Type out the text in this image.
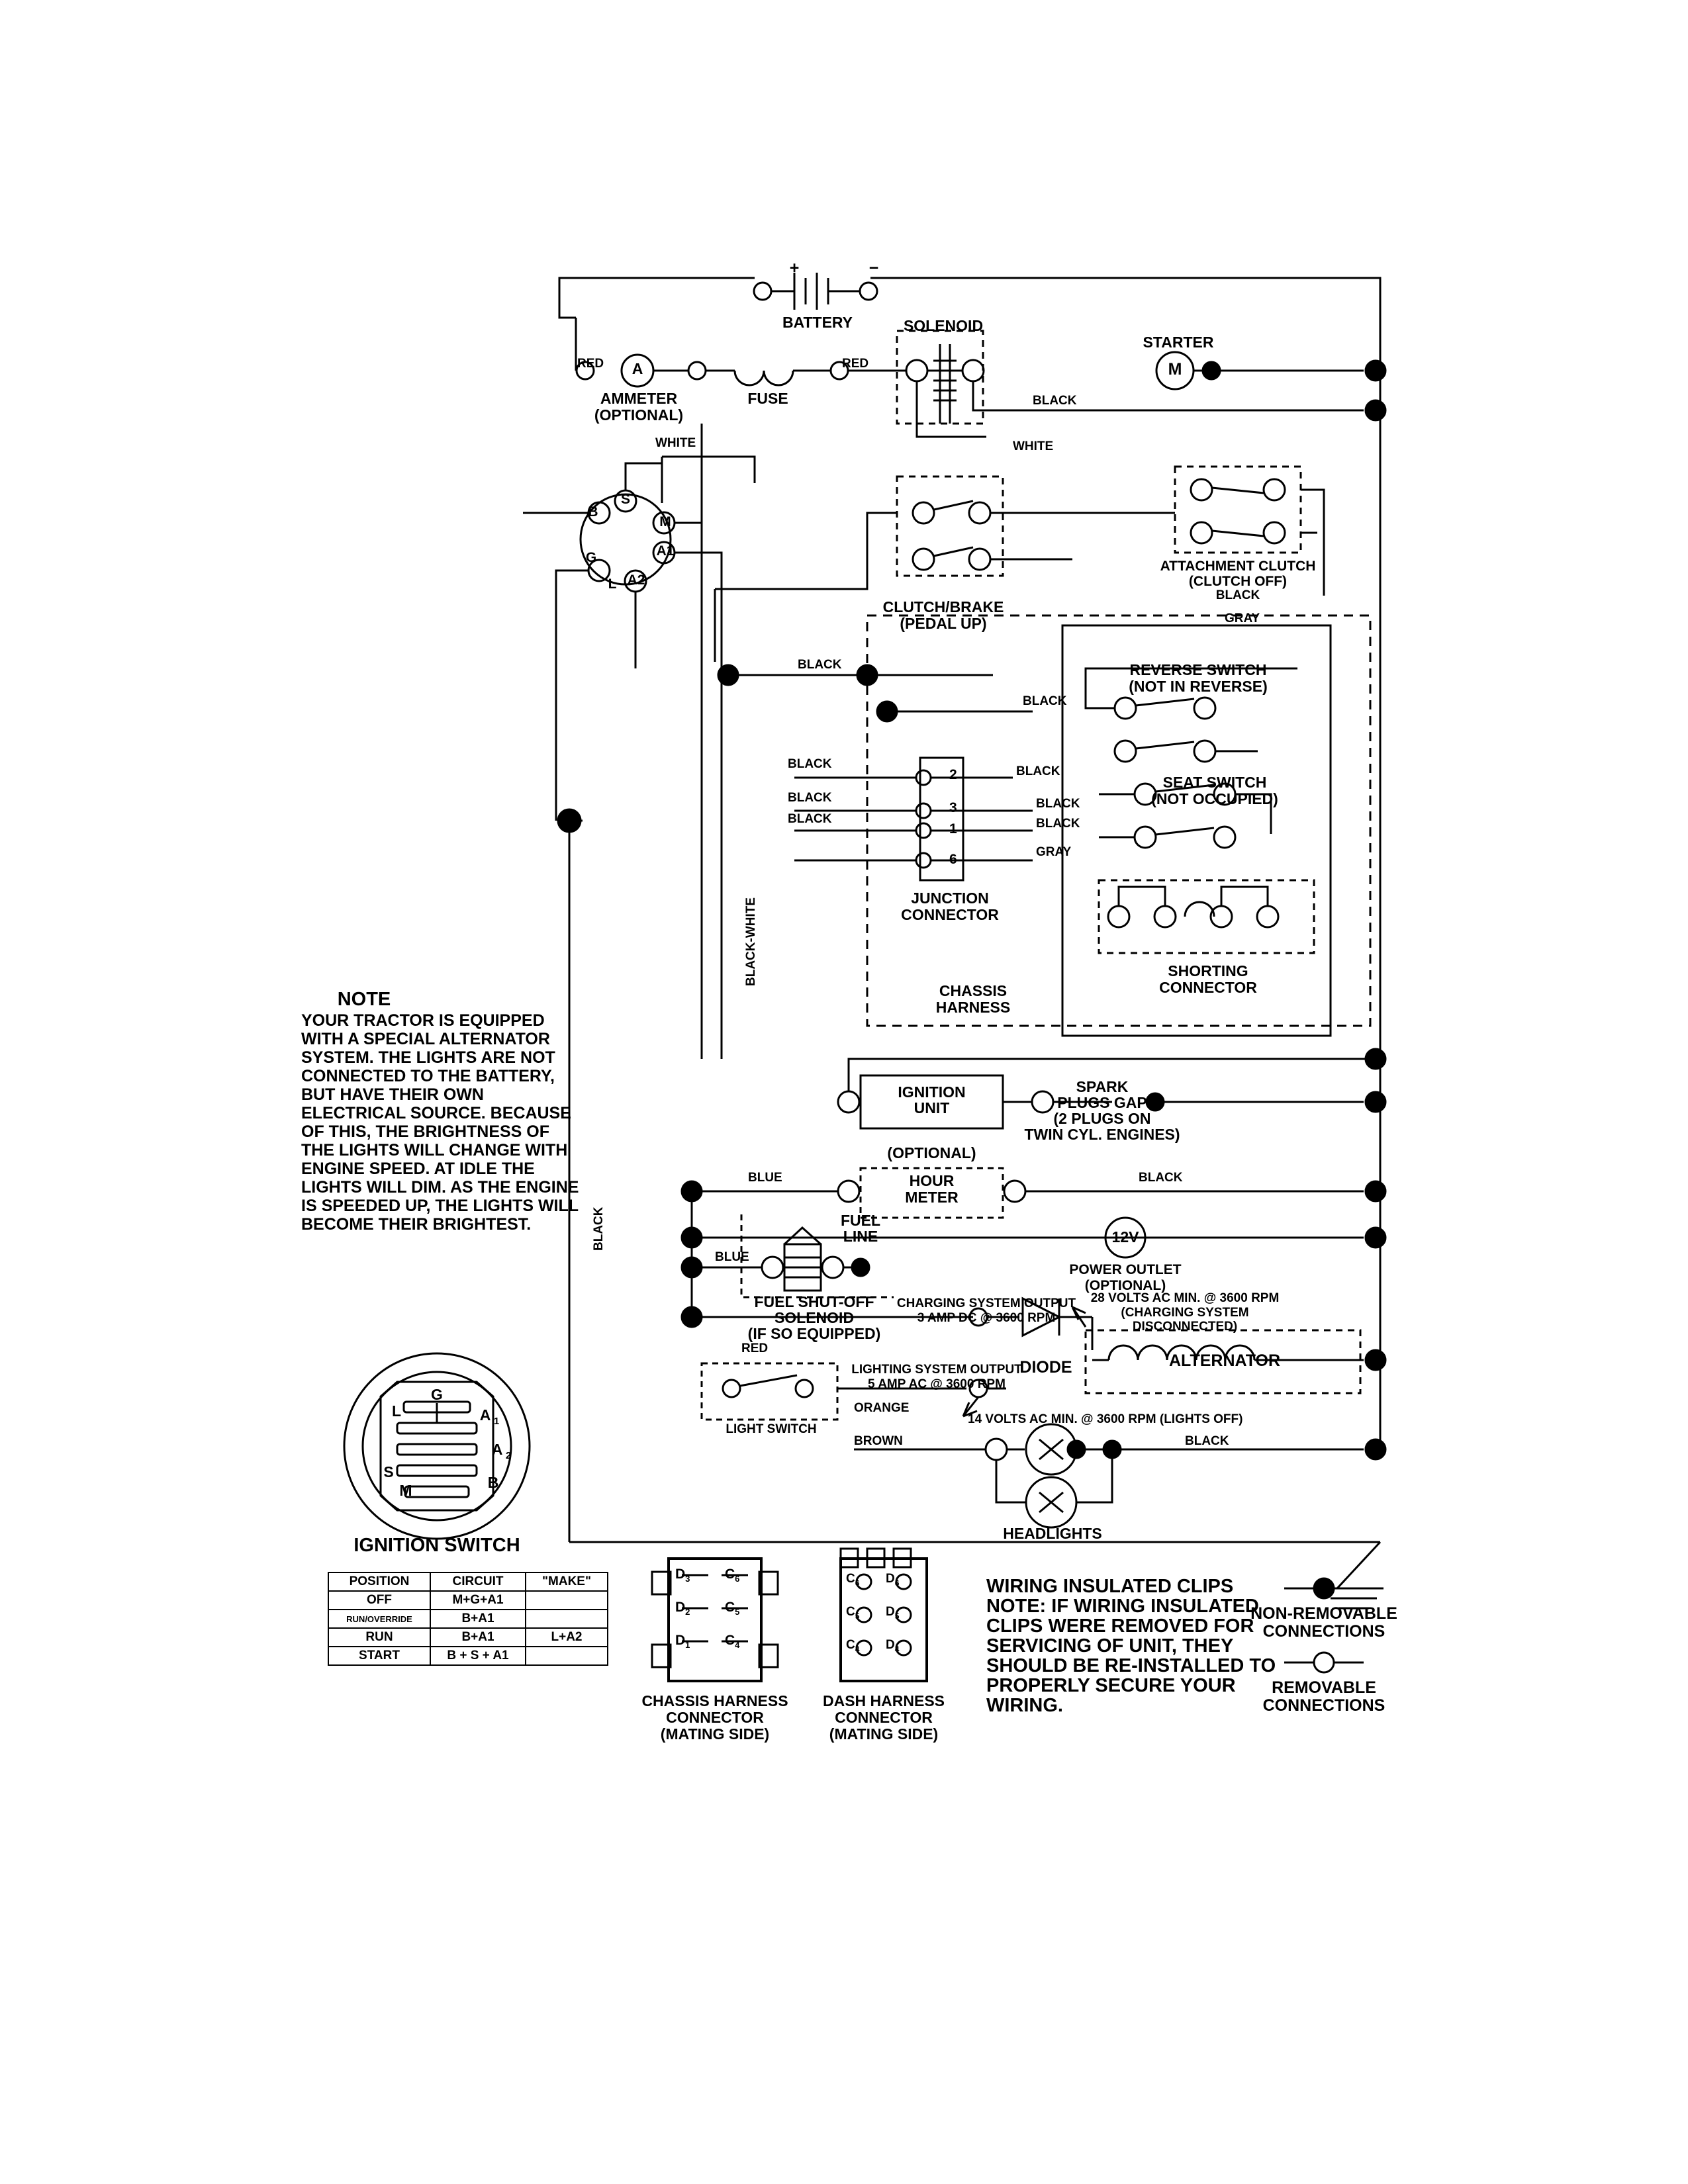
+	−
BATTERY	SOLENOID
STARTER
M
A
RED	RED
AMMETER
(OPTIONAL)
FUSE	BLACK
WHITE	WHITE
B
S
M
A1
A2
G
L
CLUTCH/BRAKE
(PEDAL UP)
ATTACHMENT CLUTCH
(CLUTCH OFF)
BLACK
GRAY
BLACK
BLACK
REVERSE SWITCH
(NOT IN REVERSE)
SEAT SWITCH
(NOT OCCUPIED)
BLACK
BLACK
BLACK
GRAY
BLACK
BLACK
BLACK
2
3
1
6
JUNCTION
CONNECTOR
SHORTING
CONNECTOR
CHASSIS
HARNESS
BLACK-WHITE
BLACK
IGNITION
UNIT
SPARK
PLUGS GAP
(2 PLUGS ON
TWIN CYL. ENGINES)
(OPTIONAL)
HOUR
METER
BLUE	BLACK
FUEL
LINE
BLUE
FUEL SHUT-OFF
SOLENOID
(IF SO EQUIPPED)
12V
POWER OUTLET
(OPTIONAL)
CHARGING SYSTEM OUTPUT
3 AMP DC @ 3600 RPM
28 VOLTS AC MIN. @ 3600 RPM
(CHARGING SYSTEM DISCONNECTED)
RED
LIGHTING SYSTEM OUTPUT
5 AMP AC @ 3600 RPM
14 VOLTS AC MIN. @ 3600 RPM (LIGHTS OFF)
DIODE	ALTERNATOR
LIGHT SWITCH
ORANGE
BROWN	BLACK
HEADLIGHTS
G
L	A 1
A 2
S
M	B
IGNITION SWITCH
POSITION	CIRCUIT	"MAKE"
OFF	M+G+A1	
RUN/OVERRIDE	B+A1	
RUN	B+A1	L+A2
START	B + S + A1	
$D_3$
$D_2$
$D_1$
$C_6$
$C_5$
$C_4$
$C_6$ $D_6$
$C_5$ $D_5$
$C_4$ $D_4$
CHASSIS HARNESS
CONNECTOR
(MATING SIDE)
DASH HARNESS
CONNECTOR
(MATING SIDE)
WIRING INSULATED CLIPS
NOTE: IF WIRING INSULATED
CLIPS WERE REMOVED FOR
SERVICING OF UNIT, THEY
SHOULD BE RE-INSTALLED TO
PROPERLY SECURE YOUR
WIRING.
NON-REMOVABLE
CONNECTIONS
REMOVABLE
CONNECTIONS
NOTE
YOUR TRACTOR IS EQUIPPED WITH A SPECIAL ALTERNATOR SYSTEM. THE LIGHTS ARE NOT CONNECTED TO THE BATTERY, BUT HAVE THEIR OWN ELECTRICAL SOURCE. BECAUSE OF THIS, THE BRIGHTNESS OF THE LIGHTS WILL CHANGE WITH ENGINE SPEED. AT IDLE THE LIGHTS WILL DIM. AS THE ENGINE IS SPEEDED UP, THE LIGHTS WILL BECOME THEIR BRIGHTEST.
